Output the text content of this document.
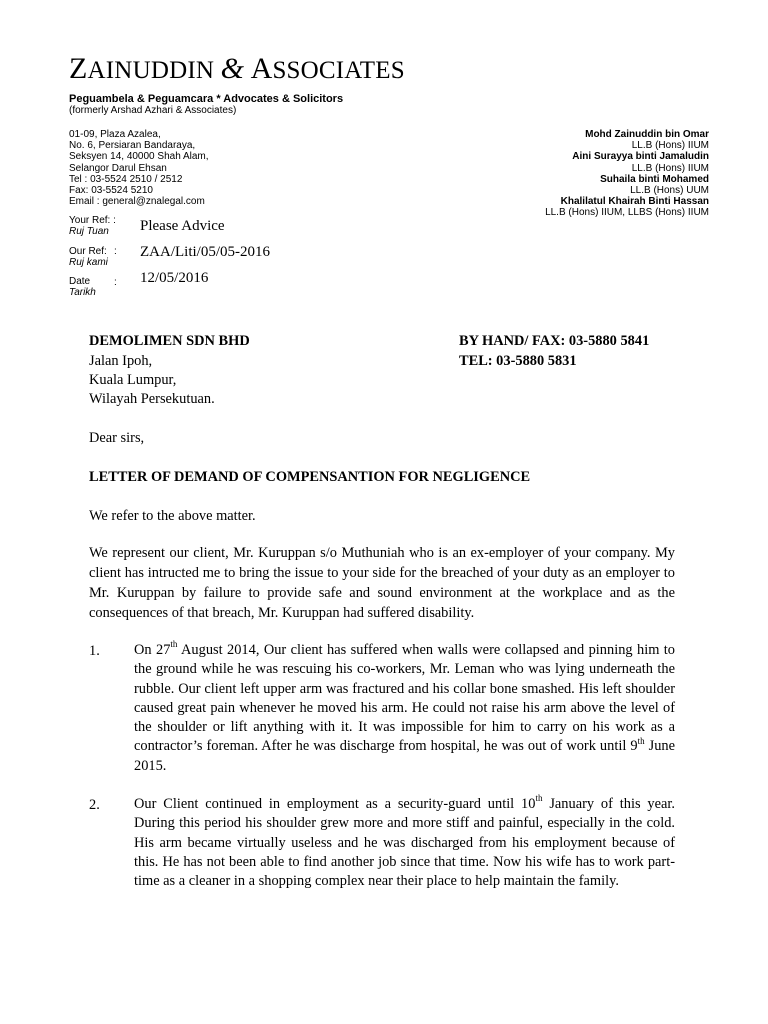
ZAINUDDIN & ASSOCIATES
Peguambela & Peguamcara * Advocates & Solicitors
(formerly Arshad Azhari & Associates)
01-09, Plaza Azalea,
No. 6, Persiaran Bandaraya,
Seksyen 14, 40000 Shah Alam,
Selangor Darul Ehsan
Tel : 03-5524 2510 / 2512
Fax: 03-5524 5210
Email : general@znalegal.com
Mohd Zainuddin bin Omar
LL.B (Hons) IIUM
Aini Surayya binti Jamaludin
LL.B (Hons) IIUM
Suhaila binti Mohamed
LL.B (Hons) UUM
Khalilatul Khairah Binti Hassan
LL.B (Hons) IIUM, LLBS (Hons) IIUM
Your Ref: :
Ruj Tuan	Please Advice
Our Ref:
Ruj kami
: ZAA/Liti/05/05-2016
Date
Tarikh
: 12/05/2016
DEMOLIMEN SDN BHD
Jalan Ipoh,
Kuala Lumpur,
Wilayah Persekutuan.
BY HAND/ FAX: 03-5880 5841
TEL: 03-5880 5831
Dear sirs,
LETTER OF DEMAND OF COMPENSANTION FOR NEGLIGENCE
We refer to the above matter.
We represent our client, Mr. Kuruppan s/o Muthuniah who is an ex-employer of your company. My client has intructed me to bring the issue to your side for the breached of your duty as an employer to Mr. Kuruppan by failure to provide safe and sound environment at the workplace and as the consequences of that breach, Mr. Kuruppan had suffered disability.
1. On 27th August 2014, Our client has suffered when walls were collapsed and pinning him to the ground while he was rescuing his co-workers, Mr. Leman who was lying underneath the rubble. Our client left upper arm was fractured and his collar bone smashed. His left shoulder caused great pain whenever he moved his arm. He could not raise his arm above the level of the shoulder or lift anything with it. It was impossible for him to carry on his work as a contractor’s foreman. After he was discharge from hospital, he was out of work until 9th June 2015.
2. Our Client continued in employment as a security-guard until 10th January of this year. During this period his shoulder grew more and more stiff and painful, especially in the cold. His arm became virtually useless and he was discharged from his employment because of this. He has not been able to find another job since that time. Now his wife has to work part-time as a cleaner in a shopping complex near their place to help maintain the family.
